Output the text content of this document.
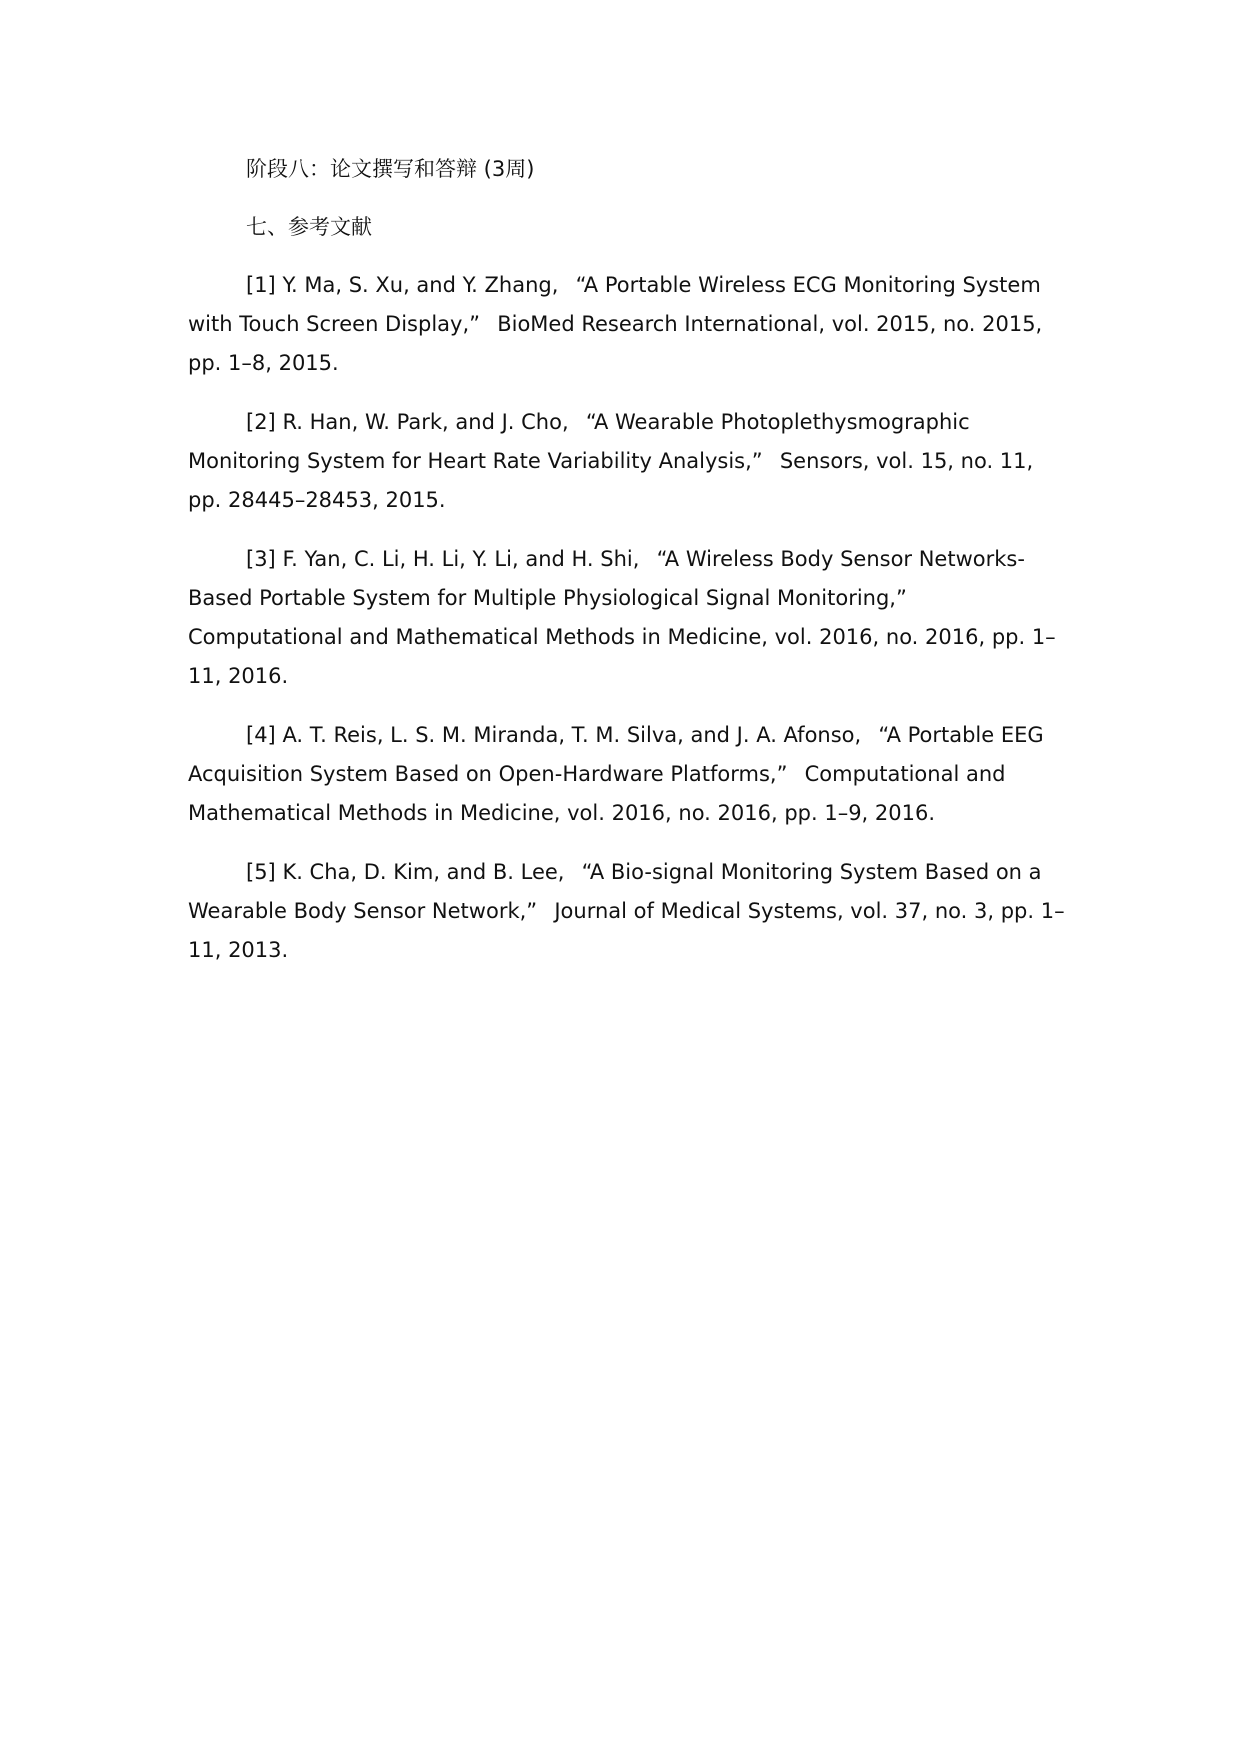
阶段八：论文撰写和答辩 (3周)

七、参考文献

[1] Y. Ma, S. Xu, and Y. Zhang, “A Portable Wireless ECG Monitoring System with Touch Screen Display,” BioMed Research International, vol. 2015, no. 2015, pp. 1–8, 2015.

[2] R. Han, W. Park, and J. Cho, “A Wearable Photoplethysmographic Monitoring System for Heart Rate Variability Analysis,” Sensors, vol. 15, no. 11, pp. 28445–28453, 2015.

[3] F. Yan, C. Li, H. Li, Y. Li, and H. Shi, “A Wireless Body Sensor Networks-Based Portable System for Multiple Physiological Signal Monitoring,” Computational and Mathematical Methods in Medicine, vol. 2016, no. 2016, pp. 1–11, 2016.

[4] A. T. Reis, L. S. M. Miranda, T. M. Silva, and J. A. Afonso, “A Portable EEG Acquisition System Based on Open-Hardware Platforms,” Computational and Mathematical Methods in Medicine, vol. 2016, no. 2016, pp. 1–9, 2016.

[5] K. Cha, D. Kim, and B. Lee, “A Bio-signal Monitoring System Based on a Wearable Body Sensor Network,” Journal of Medical Systems, vol. 37, no. 3, pp. 1–11, 2013.
